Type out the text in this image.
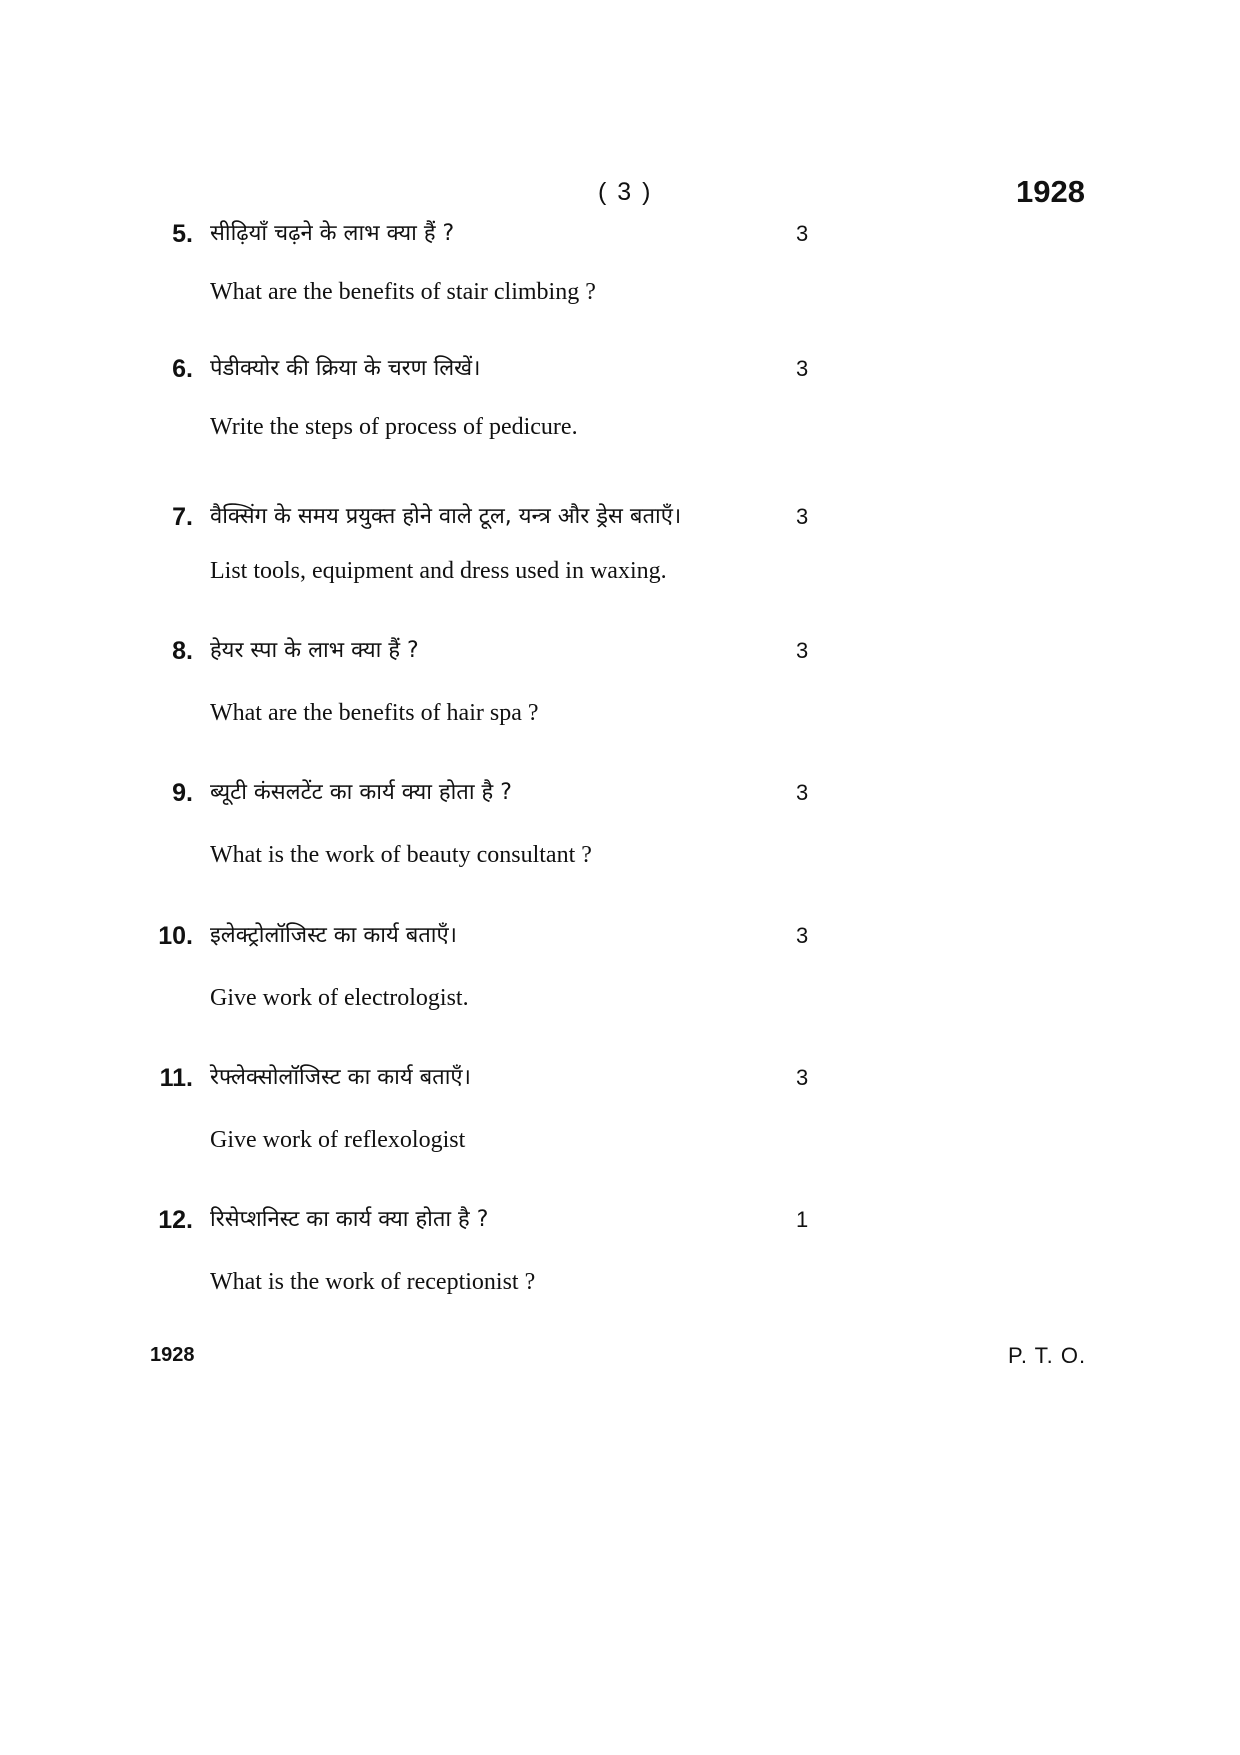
( 3 )	1928
5. सीढ़ियाँ चढ़ने के लाभ क्या हैं ?	3
What are the benefits of stair climbing ?
6. पेडीक्योर की क्रिया के चरण लिखें।	3
Write the steps of process of pedicure.
7. वैक्सिंग के समय प्रयुक्त होने वाले टूल, यन्त्र और ड्रेस बताएँ।	3
List tools, equipment and dress used in waxing.
8. हेयर स्पा के लाभ क्या हैं ?	3
What are the benefits of hair spa ?
9. ब्यूटी कंसलटेंट का कार्य क्या होता है ?	3
What is the work of beauty consultant ?
10. इलेक्ट्रोलॉजिस्ट का कार्य बताएँ।	3
Give work of electrologist.
11. रेफ्लेक्सोलॉजिस्ट का कार्य बताएँ।	3
Give work of reflexologist
12. रिसेप्शनिस्ट का कार्य क्या होता है ?	1
What is the work of receptionist ?
1928	P. T. O.
